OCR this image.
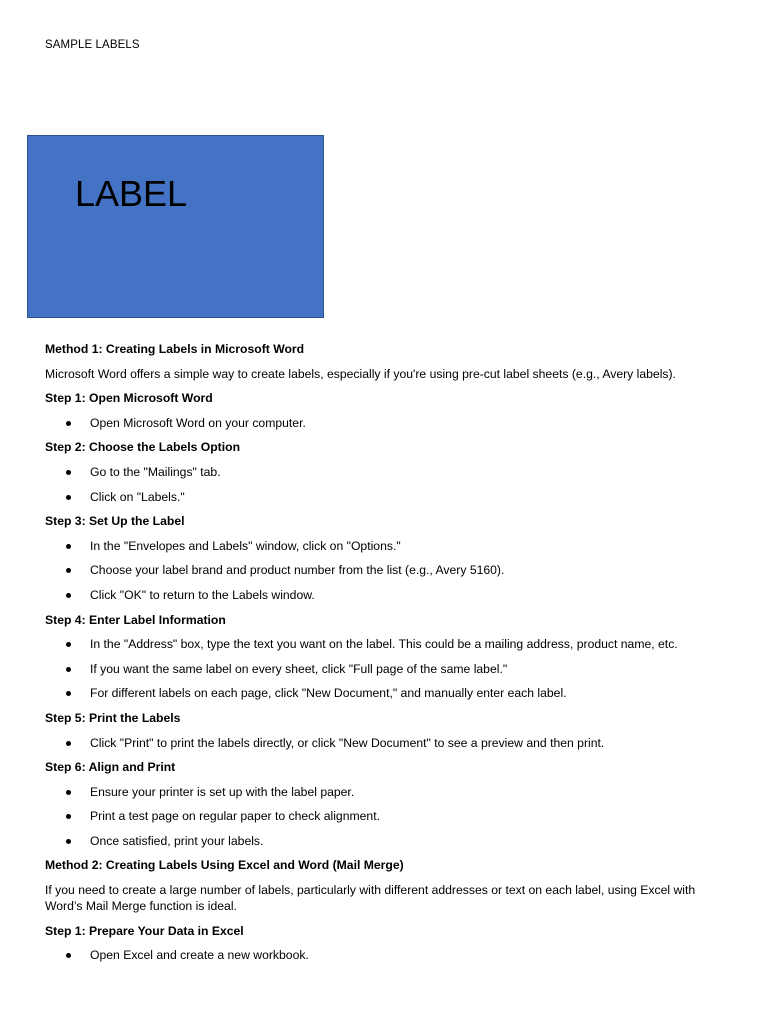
SAMPLE LABELS
LABEL
Method 1: Creating Labels in Microsoft Word
Microsoft Word offers a simple way to create labels, especially if you're using pre-cut label sheets (e.g., Avery labels).
Step 1: Open Microsoft Word
Open Microsoft Word on your computer.
Step 2: Choose the Labels Option
Go to the "Mailings" tab.
Click on "Labels."
Step 3: Set Up the Label
In the "Envelopes and Labels" window, click on "Options."
Choose your label brand and product number from the list (e.g., Avery 5160).
Click "OK" to return to the Labels window.
Step 4: Enter Label Information
In the "Address" box, type the text you want on the label. This could be a mailing address, product name, etc.
If you want the same label on every sheet, click "Full page of the same label."
For different labels on each page, click "New Document," and manually enter each label.
Step 5: Print the Labels
Click "Print" to print the labels directly, or click "New Document" to see a preview and then print.
Step 6: Align and Print
Ensure your printer is set up with the label paper.
Print a test page on regular paper to check alignment.
Once satisfied, print your labels.
Method 2: Creating Labels Using Excel and Word (Mail Merge)
If you need to create a large number of labels, particularly with different addresses or text on each label, using Excel with Word’s Mail Merge function is ideal.
Step 1: Prepare Your Data in Excel
Open Excel and create a new workbook.
